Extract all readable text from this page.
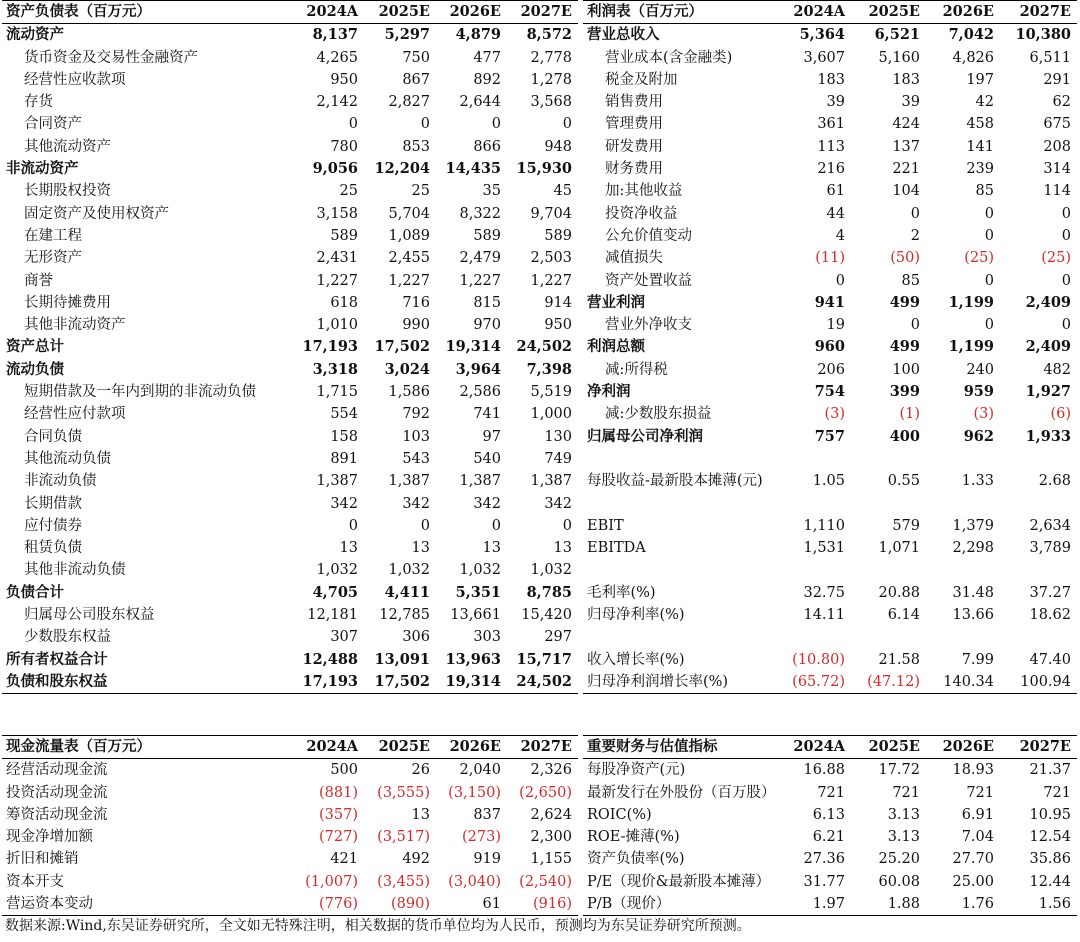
资产负债表（百万元）	2024A	2025E	2026E	2027E
流动资产	8,137	5,297	4,879	8,572
货币资金及交易性金融资产	4,265	750	477	2,778
经营性应收款项	950	867	892	1,278
存货	2,142	2,827	2,644	3,568
合同资产	0	0	0	0
其他流动资产	780	853	866	948
非流动资产	9,056	12,204	14,435	15,930
长期股权投资	25	25	35	45
固定资产及使用权资产	3,158	5,704	8,322	9,704
在建工程	589	1,089	589	589
无形资产	2,431	2,455	2,479	2,503
商誉	1,227	1,227	1,227	1,227
长期待摊费用	618	716	815	914
其他非流动资产	1,010	990	970	950
资产总计	17,193	17,502	19,314	24,502
流动负债	3,318	3,024	3,964	7,398
短期借款及一年内到期的非流动负债	1,715	1,586	2,586	5,519
经营性应付款项	554	792	741	1,000
合同负债	158	103	97	130
其他流动负债	891	543	540	749
非流动负债	1,387	1,387	1,387	1,387
长期借款	342	342	342	342
应付债券	0	0	0	0
租赁负债	13	13	13	13
其他非流动负债	1,032	1,032	1,032	1,032
负债合计	4,705	4,411	5,351	8,785
归属母公司股东权益	12,181	12,785	13,661	15,420
少数股东权益	307	306	303	297
所有者权益合计	12,488	13,091	13,963	15,717
负债和股东权益	17,193	17,502	19,314	24,502
利润表（百万元）	2024A	2025E	2026E	2027E
营业总收入	5,364	6,521	7,042	10,380
营业成本(含金融类)	3,607	5,160	4,826	6,511
税金及附加	183	183	197	291
销售费用	39	39	42	62
管理费用	361	424	458	675
研发费用	113	137	141	208
财务费用	216	221	239	314
加:其他收益	61	104	85	114
投资净收益	44	0	0	0
公允价值变动	4	2	0	0
减值损失	(11)	(50)	(25)	(25)
资产处置收益	0	85	0	0
营业利润	941	499	1,199	2,409
营业外净收支	19	0	0	0
利润总额	960	499	1,199	2,409
减:所得税	206	100	240	482
净利润	754	399	959	1,927
减:少数股东损益	(3)	(1)	(3)	(6)
归属母公司净利润	757	400	962	1,933

每股收益-最新股本摊薄(元)	1.05	0.55	1.33	2.68

EBIT	1,110	579	1,379	2,634
EBITDA	1,531	1,071	2,298	3,789

毛利率(%)	32.75	20.88	31.48	37.27
归母净利率(%)	14.11	6.14	13.66	18.62

收入增长率(%)	(10.80)	21.58	7.99	47.40
归母净利润增长率(%)	(65.72)	(47.12)	140.34	100.94
现金流量表（百万元）	2024A	2025E	2026E	2027E
经营活动现金流	500	26	2,040	2,326
投资活动现金流	(881)	(3,555)	(3,150)	(2,650)
筹资活动现金流	(357)	13	837	2,624
现金净增加额	(727)	(3,517)	(273)	2,300
折旧和摊销	421	492	919	1,155
资本开支	(1,007)	(3,455)	(3,040)	(2,540)
营运资本变动	(776)	(890)	61	(916)
重要财务与估值指标	2024A	2025E	2026E	2027E
每股净资产(元)	16.88	17.72	18.93	21.37
最新发行在外股份（百万股）	721	721	721	721
ROIC(%)	6.13	3.13	6.91	10.95
ROE-摊薄(%)	6.21	3.13	7.04	12.54
资产负债率(%)	27.36	25.20	27.70	35.86
P/E（现价&最新股本摊薄）	31.77	60.08	25.00	12.44
P/B（现价）	1.97	1.88	1.76	1.56
数据来源:Wind,东吴证券研究所，全文如无特殊注明，相关数据的货币单位均为人民币，预测均为东吴证券研究所预测。
